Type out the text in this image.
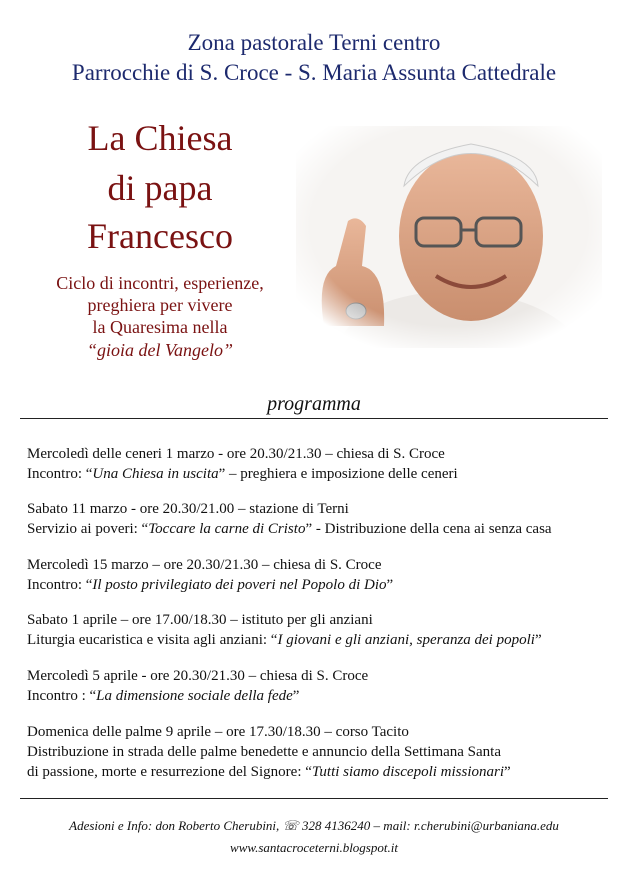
Zona pastorale Terni centro
Parrocchie di S. Croce - S. Maria Assunta Cattedrale
La Chiesa
di papa
Francesco
Ciclo di incontri, esperienze,
preghiera per vivere
la Quaresima nella
“gioia del Vangelo”
programma
Mercoledì delle ceneri 1 marzo - ore 20.30/21.30 – chiesa di S. Croce
Incontro: “Una Chiesa in uscita” – preghiera e imposizione delle ceneri
Sabato 11 marzo - ore 20.30/21.00 – stazione di Terni
Servizio ai poveri: “Toccare la carne di Cristo” - Distribuzione della cena ai senza casa
Mercoledì 15 marzo – ore 20.30/21.30 – chiesa di S. Croce
Incontro: “Il posto privilegiato dei poveri nel Popolo di Dio”
Sabato 1 aprile – ore 17.00/18.30 – istituto per gli anziani
Liturgia eucaristica e visita agli anziani: “I giovani e gli anziani, speranza dei popoli”
Mercoledì 5 aprile - ore 20.30/21.30 – chiesa di S. Croce
Incontro : “La dimensione sociale della fede”
Domenica delle palme 9 aprile – ore 17.30/18.30 – corso Tacito
Distribuzione in strada delle palme benedette e annuncio della Settimana Santa
di passione, morte e resurrezione del Signore: “Tutti siamo discepoli missionari”
Adesioni e Info: don Roberto Cherubini, ☏ 328 4136240 – mail: r.cherubini@urbaniana.edu
www.santacroceterni.blogspot.it
